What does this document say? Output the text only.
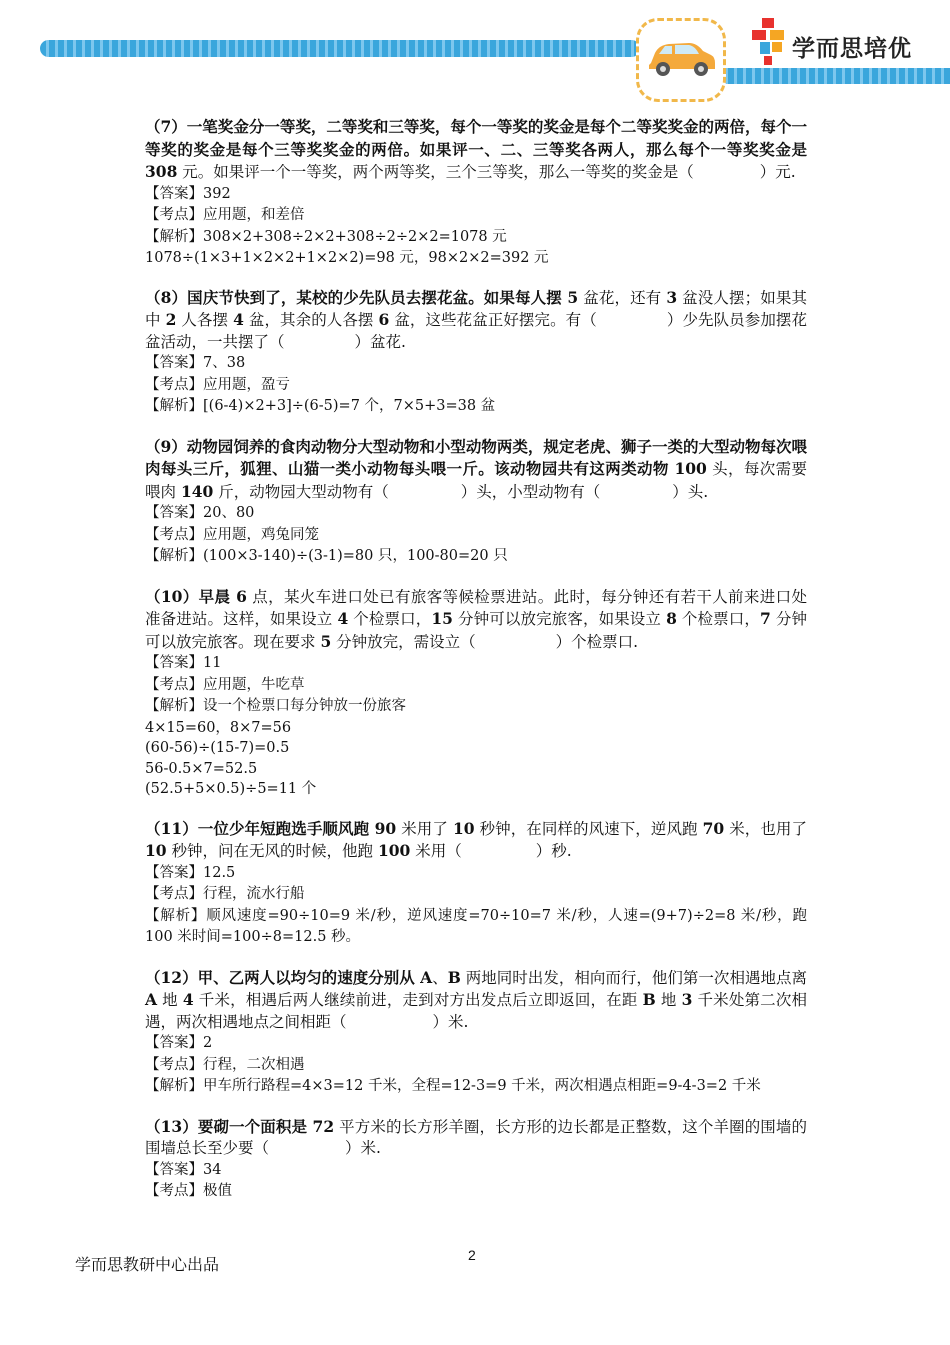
学而思培优

（7）一笔奖金分一等奖，二等奖和三等奖，每个一等奖的奖金是每个二等奖奖金的两倍，每个一等奖的奖金是每个三等奖奖金的两倍。如果评一、二、三等奖各两人，那么每个一等奖奖金是 308 元。如果评一个一等奖，两个两等奖，三个三等奖，那么一等奖的奖金是（	）元.

【答案】392

【考点】应用题，和差倍

【解析】308×2+308÷2×2+308÷2÷2×2=1078 元

1078÷(1×3+1×2×2+1×2×2)=98 元，98×2×2=392 元

（8）国庆节快到了，某校的少先队员去摆花盆。如果每人摆 5 盆花，还有 3 盆没人摆；如果其中 2 人各摆 4 盆，其余的人各摆 6 盆，这些花盆正好摆完。有（	）少先队员参加摆花盆活动，一共摆了（	）盆花.

【答案】7、38

【考点】应用题，盈亏

【解析】[(6-4)×2+3]÷(6-5)=7 个，7×5+3=38 盆

（9）动物园饲养的食肉动物分大型动物和小型动物两类，规定老虎、狮子一类的大型动物每次喂肉每头三斤，狐狸、山猫一类小动物每头喂一斤。该动物园共有这两类动物 100 头，每次需要喂肉 140 斤，动物园大型动物有（	）头，小型动物有（	）头.

【答案】20、80

【考点】应用题，鸡兔同笼

【解析】(100×3-140)÷(3-1)=80 只，100-80=20 只

（10）早晨 6 点，某火车进口处已有旅客等候检票进站。此时，每分钟还有若干人前来进口处准备进站。这样，如果设立 4 个检票口，15 分钟可以放完旅客，如果设立 8 个检票口，7 分钟可以放完旅客。现在要求 5 分钟放完，需设立（	）个检票口.

【答案】11

【考点】应用题，牛吃草

【解析】设一个检票口每分钟放一份旅客

4×15=60，8×7=56

(60-56)÷(15-7)=0.5

56-0.5×7=52.5

(52.5+5×0.5)÷5=11 个

（11）一位少年短跑选手顺风跑 90 米用了 10 秒钟，在同样的风速下，逆风跑 70 米，也用了 10 秒钟，问在无风的时候，他跑 100 米用（	）秒.

【答案】12.5

【考点】行程，流水行船

【解析】顺风速度=90÷10=9 米/秒，逆风速度=70÷10=7 米/秒，人速=(9+7)÷2=8 米/秒，跑 100 米时间=100÷8=12.5 秒。

（12）甲、乙两人以均匀的速度分别从 A、B 两地同时出发，相向而行，他们第一次相遇地点离 A 地 4 千米，相遇后两人继续前进，走到对方出发点后立即返回，在距 B 地 3 千米处第二次相遇，两次相遇地点之间相距（	）米.

【答案】2

【考点】行程，二次相遇

【解析】甲车所行路程=4×3=12 千米，全程=12-3=9 千米，两次相遇点相距=9-4-3=2 千米

（13）要砌一个面积是 72 平方米的长方形羊圈，长方形的边长都是正整数，这个羊圈的围墙的围墙总长至少要（	）米.

【答案】34

【考点】极值

学而思教研中心出品	2
